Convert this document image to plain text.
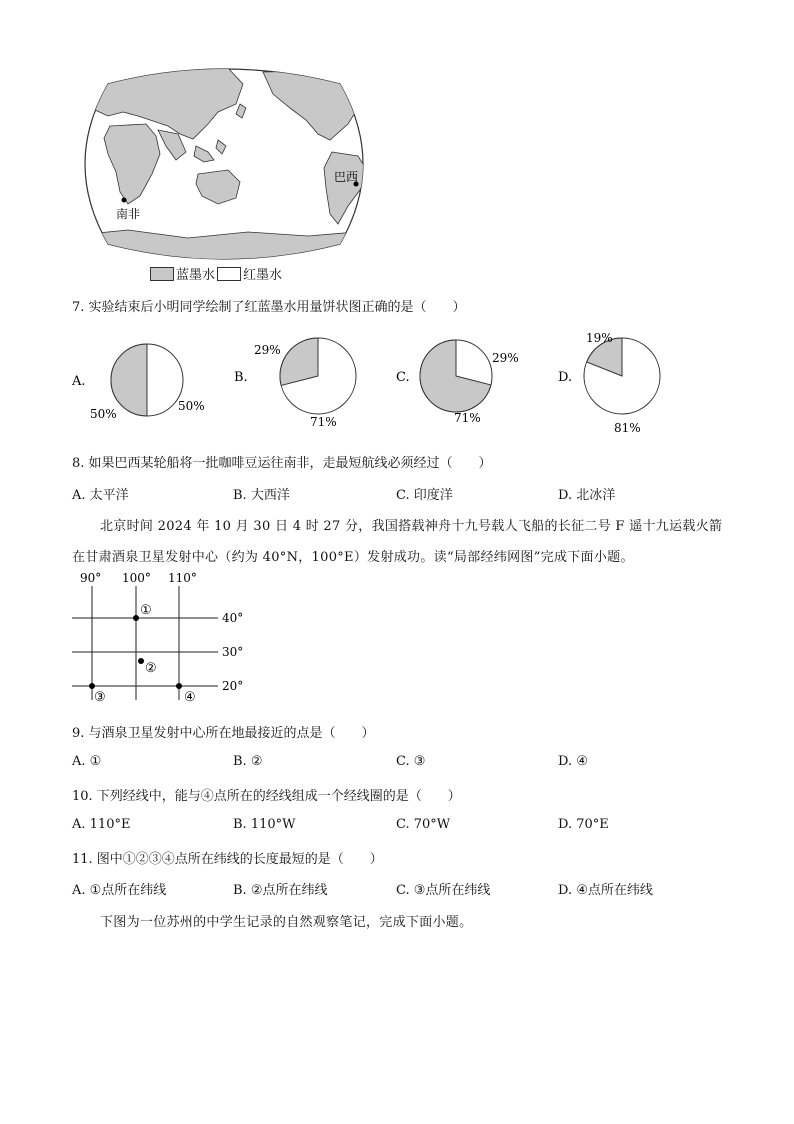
南非
巴西
蓝墨水 红墨水
7. 实验结束后小明同学绘制了红蓝墨水用量饼状图正确的是（　　）
A.
50%
50%
B.
29%
71%
C.
71%
29%
D.
19%
81%
8. 如果巴西某轮船将一批咖啡豆运往南非，走最短航线必须经过（　　）
A. 太平洋	B. 大西洋	C. 印度洋	D. 北冰洋
北京时间 2024 年 10 月 30 日 4 时 27 分，我国搭载神舟十九号载人飞船的长征二号 F 遥十九运载火箭
在甘肃酒泉卫星发射中心（约为 40°N，100°E）发射成功。读“局部经纬网图”完成下面小题。
90° 100° 110°
40°
30°
20°
①
②
③	④
9. 与酒泉卫星发射中心所在地最接近的点是（　　）
A. ①	B. ②	C. ③	D. ④
10. 下列经线中，能与④点所在的经线组成一个经线圈的是（　　）
A. 110°E	B. 110°W	C. 70°W	D. 70°E
11. 图中①②③④点所在纬线的长度最短的是（　　）
A. ①点所在纬线	B. ②点所在纬线	C. ③点所在纬线	D. ④点所在纬线
下图为一位苏州的中学生记录的自然观察笔记，完成下面小题。
